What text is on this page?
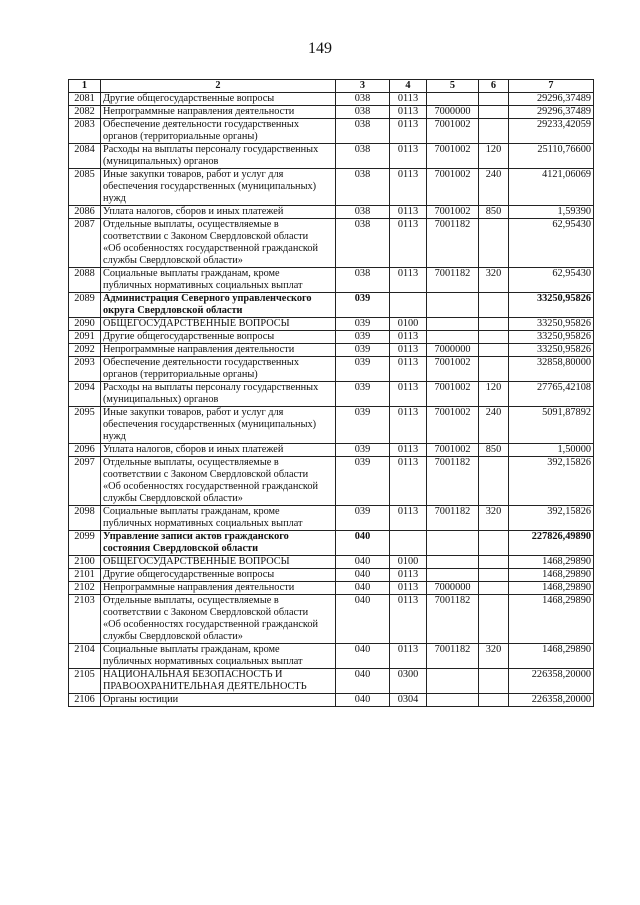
149
1	2	3	4	5	6	7
2081	Другие общегосударственные вопросы	038	0113			29296,37489
2082	Непрограммные направления деятельности	038	0113	7000000		29296,37489
2083	Обеспечение деятельности государственных
органов (территориальные органы)	038	0113	7001002		29233,42059
2084	Расходы на выплаты персоналу государственных
(муниципальных) органов	038	0113	7001002	120	25110,76600
2085	Иные закупки товаров, работ и услуг для
обеспечения государственных (муниципальных)
нужд	038	0113	7001002	240	4121,06069
2086	Уплата налогов, сборов и иных платежей	038	0113	7001002	850	1,59390
2087	Отдельные выплаты, осуществляемые в
соответствии с Законом Свердловской области
«Об особенностях государственной гражданской
службы Свердловской области»	038	0113	7001182		62,95430
2088	Социальные выплаты гражданам, кроме
публичных нормативных социальных выплат	038	0113	7001182	320	62,95430
2089	Администрация Северного управленческого
округа Свердловской области	039				33250,95826
2090	ОБЩЕГОСУДАРСТВЕННЫЕ ВОПРОСЫ	039	0100			33250,95826
2091	Другие общегосударственные вопросы	039	0113			33250,95826
2092	Непрограммные направления деятельности	039	0113	7000000		33250,95826
2093	Обеспечение деятельности государственных
органов (территориальные органы)	039	0113	7001002		32858,80000
2094	Расходы на выплаты персоналу государственных
(муниципальных) органов	039	0113	7001002	120	27765,42108
2095	Иные закупки товаров, работ и услуг для
обеспечения государственных (муниципальных)
нужд	039	0113	7001002	240	5091,87892
2096	Уплата налогов, сборов и иных платежей	039	0113	7001002	850	1,50000
2097	Отдельные выплаты, осуществляемые в
соответствии с Законом Свердловской области
«Об особенностях государственной гражданской
службы Свердловской области»	039	0113	7001182		392,15826
2098	Социальные выплаты гражданам, кроме
публичных нормативных социальных выплат	039	0113	7001182	320	392,15826
2099	Управление записи актов гражданского
состояния Свердловской области	040				227826,49890
2100	ОБЩЕГОСУДАРСТВЕННЫЕ ВОПРОСЫ	040	0100			1468,29890
2101	Другие общегосударственные вопросы	040	0113			1468,29890
2102	Непрограммные направления деятельности	040	0113	7000000		1468,29890
2103	Отдельные выплаты, осуществляемые в
соответствии с Законом Свердловской области
«Об особенностях государственной гражданской
службы Свердловской области»	040	0113	7001182		1468,29890
2104	Социальные выплаты гражданам, кроме
публичных нормативных социальных выплат	040	0113	7001182	320	1468,29890
2105	НАЦИОНАЛЬНАЯ БЕЗОПАСНОСТЬ И
ПРАВООХРАНИТЕЛЬНАЯ ДЕЯТЕЛЬНОСТЬ	040	0300			226358,20000
2106	Органы юстиции	040	0304			226358,20000
